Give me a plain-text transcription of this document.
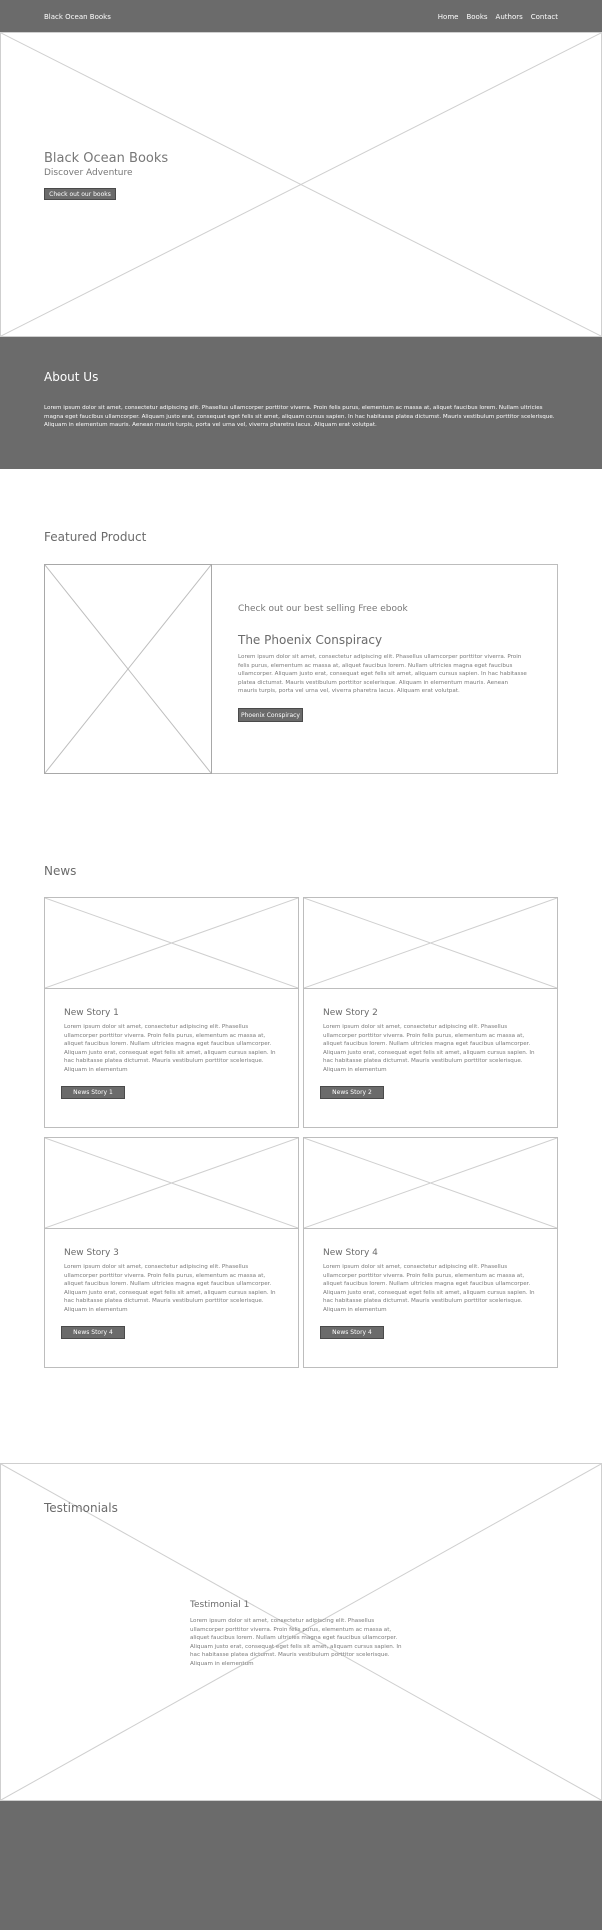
Black Ocean Books	Home Books Authors Contact
Black Ocean Books
Discover Adventure
Check out our books
About Us
Lorem ipsum dolor sit amet, consectetur adipiscing elit. Phasellus ullamcorper porttitor viverra. Proin felis purus, elementum ac massa at, aliquet faucibus lorem. Nullam ultricies magna eget faucibus ullamcorper. Aliquam justo erat, consequat eget felis sit amet, aliquam cursus sapien. In hac habitasse platea dictumst. Mauris vestibulum porttitor scelerisque. Aliquam in elementum mauris. Aenean mauris turpis, porta vel urna vel, viverra pharetra lacus. Aliquam erat volutpat.
Featured Product
Check out our best selling Free ebook
The Phoenix Conspiracy
Lorem ipsum dolor sit amet, consectetur adipiscing elit. Phasellus ullamcorper porttitor viverra. Proin felis purus, elementum ac massa at, aliquet faucibus lorem. Nullam ultricies magna eget faucibus ullamcorper. Aliquam justo erat, consequat eget felis sit amet, aliquam cursus sapien. In hac habitasse platea dictumst. Mauris vestibulum porttitor scelerisque. Aliquam in elementum mauris. Aenean mauris turpis, porta vel urna vel, viverra pharetra lacus. Aliquam erat volutpat.
Phoenix Conspiracy
News
New Story 1
Lorem ipsum dolor sit amet, consectetur adipiscing elit. Phasellus ullamcorper porttitor viverra. Proin felis purus, elementum ac massa at, aliquet faucibus lorem. Nullam ultricies magna eget faucibus ullamcorper. Aliquam justo erat, consequat eget felis sit amet, aliquam cursus sapien. In hac habitasse platea dictumst. Mauris vestibulum porttitor scelerisque. Aliquam in elementum
News Story 1
New Story 2
Lorem ipsum dolor sit amet, consectetur adipiscing elit. Phasellus ullamcorper porttitor viverra. Proin felis purus, elementum ac massa at, aliquet faucibus lorem. Nullam ultricies magna eget faucibus ullamcorper. Aliquam justo erat, consequat eget felis sit amet, aliquam cursus sapien. In hac habitasse platea dictumst. Mauris vestibulum porttitor scelerisque. Aliquam in elementum
News Story 2
New Story 3
Lorem ipsum dolor sit amet, consectetur adipiscing elit. Phasellus ullamcorper porttitor viverra. Proin felis purus, elementum ac massa at, aliquet faucibus lorem. Nullam ultricies magna eget faucibus ullamcorper. Aliquam justo erat, consequat eget felis sit amet, aliquam cursus sapien. In hac habitasse platea dictumst. Mauris vestibulum porttitor scelerisque. Aliquam in elementum
News Story 4
New Story 4
Lorem ipsum dolor sit amet, consectetur adipiscing elit. Phasellus ullamcorper porttitor viverra. Proin felis purus, elementum ac massa at, aliquet faucibus lorem. Nullam ultricies magna eget faucibus ullamcorper. Aliquam justo erat, consequat eget felis sit amet, aliquam cursus sapien. In hac habitasse platea dictumst. Mauris vestibulum porttitor scelerisque. Aliquam in elementum
News Story 4
Testimonials
Testimonial 1
Lorem ipsum dolor sit amet, consectetur adipiscing elit. Phasellus ullamcorper porttitor viverra. Proin felis purus, elementum ac massa at, aliquet faucibus lorem. Nullam ultricies magna eget faucibus ullamcorper. Aliquam justo erat, consequat eget felis sit amet, aliquam cursus sapien. In hac habitasse platea dictumst. Mauris vestibulum porttitor scelerisque. Aliquam in elementum
